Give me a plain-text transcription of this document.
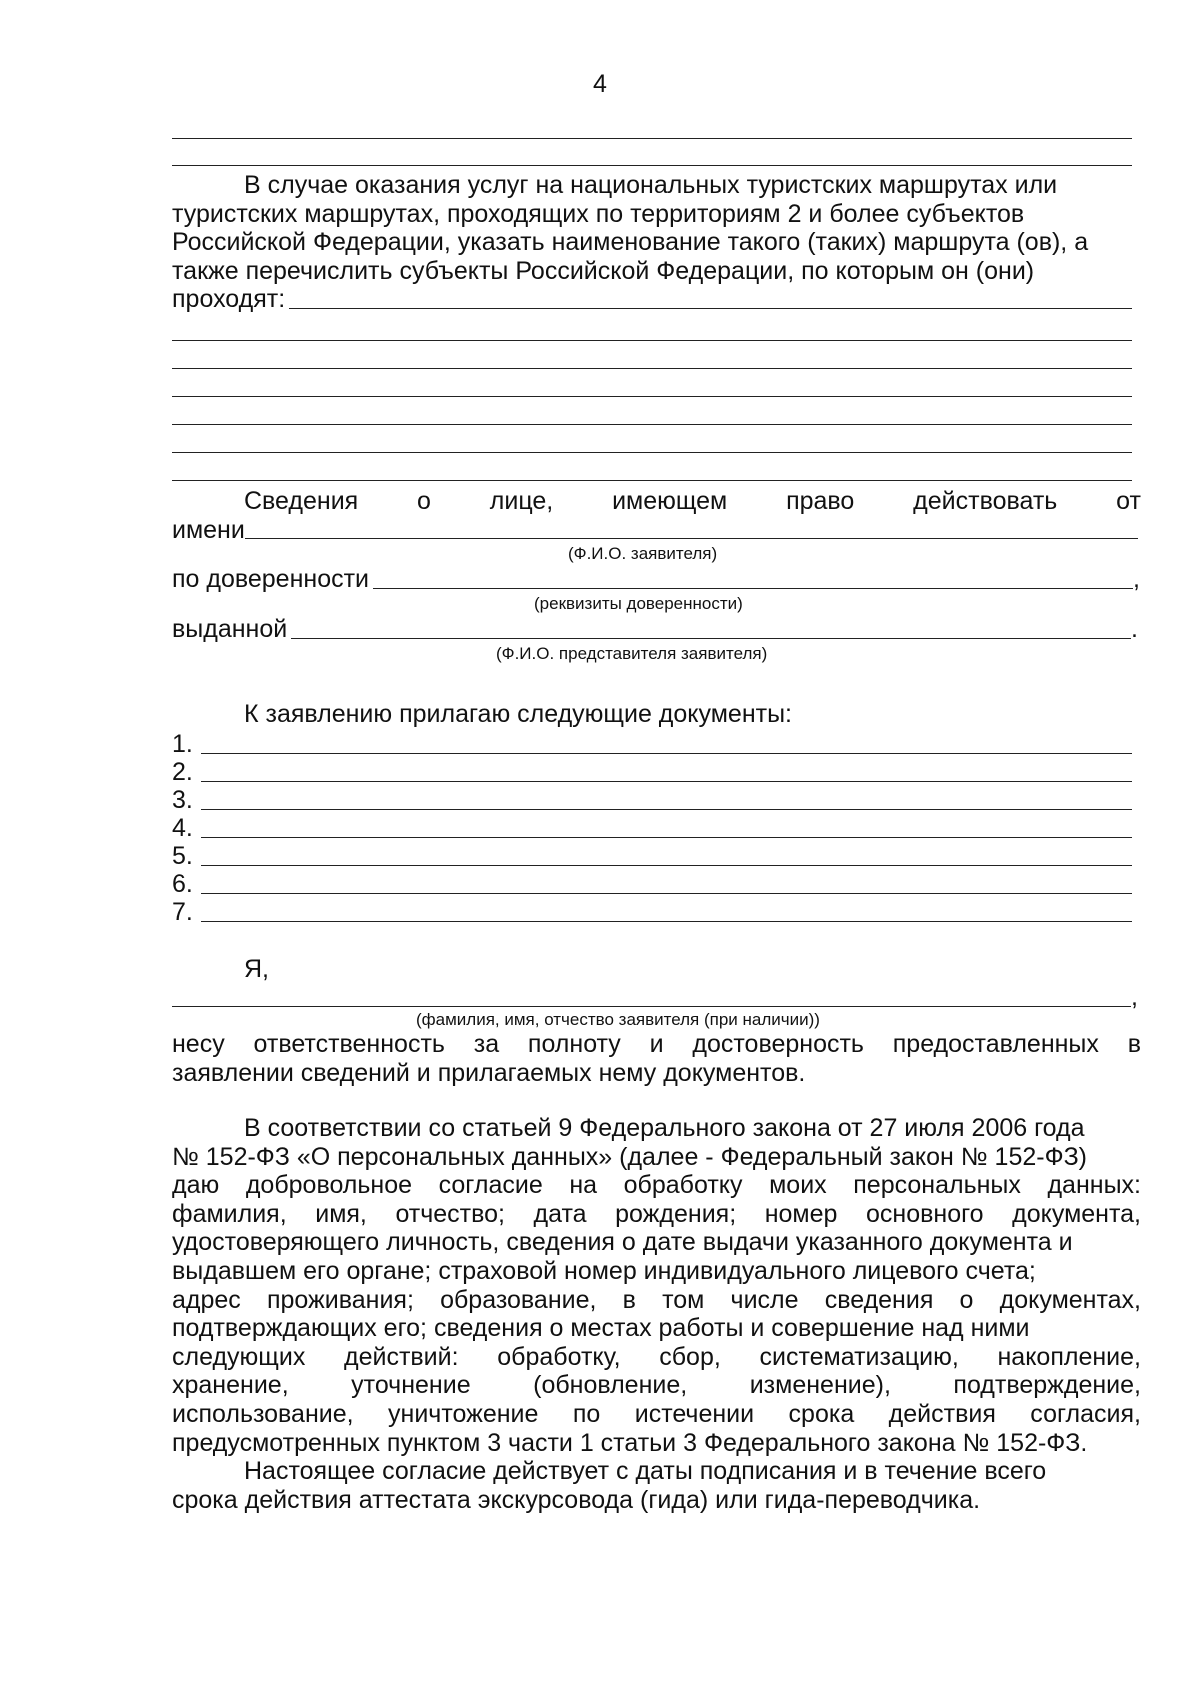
4

В случае оказания услуг на национальных туристских маршрутах или

туристских маршрутах, проходящих по территориям 2 и более субъектов

Российской Федерации, указать наименование такого (таких) маршрута (ов), а

также перечислить субъекты Российской Федерации, по которым он (они)

проходят:
Сведения о лице, имеющем право действовать от
имени
(Ф.И.О. заявителя)
по доверенности	,
(реквизиты доверенности)
выданной	.
(Ф.И.О. представителя заявителя)

К заявлению прилагаю следующие документы:

1.
2.
3.
4.
5.
6.
7.

Я,

,
(фамилия, имя, отчество заявителя (при наличии))

несу ответственность за полноту и достоверность предоставленных в

заявлении сведений и прилагаемых нему документов.

В соответствии со статьей 9 Федерального закона от 27 июля 2006 года

№ 152-ФЗ «О персональных данных» (далее - Федеральный закон № 152-ФЗ)

даю добровольное согласие на обработку моих персональных данных:

фамилия, имя, отчество; дата рождения; номер основного документа,

удостоверяющего личность, сведения о дате выдачи указанного документа и

выдавшем его органе; страховой номер индивидуального лицевого счета;

адрес проживания; образование, в том числе сведения о документах,

подтверждающих его; сведения о местах работы и совершение над ними

следующих действий: обработку, сбор, систематизацию, накопление,

хранение, уточнение (обновление, изменение), подтверждение,

использование, уничтожение по истечении срока действия согласия,

предусмотренных пунктом 3 части 1 статьи 3 Федерального закона № 152-ФЗ.

Настоящее согласие действует с даты подписания и в течение всего

срока действия аттестата экскурсовода (гида) или гида-переводчика.
